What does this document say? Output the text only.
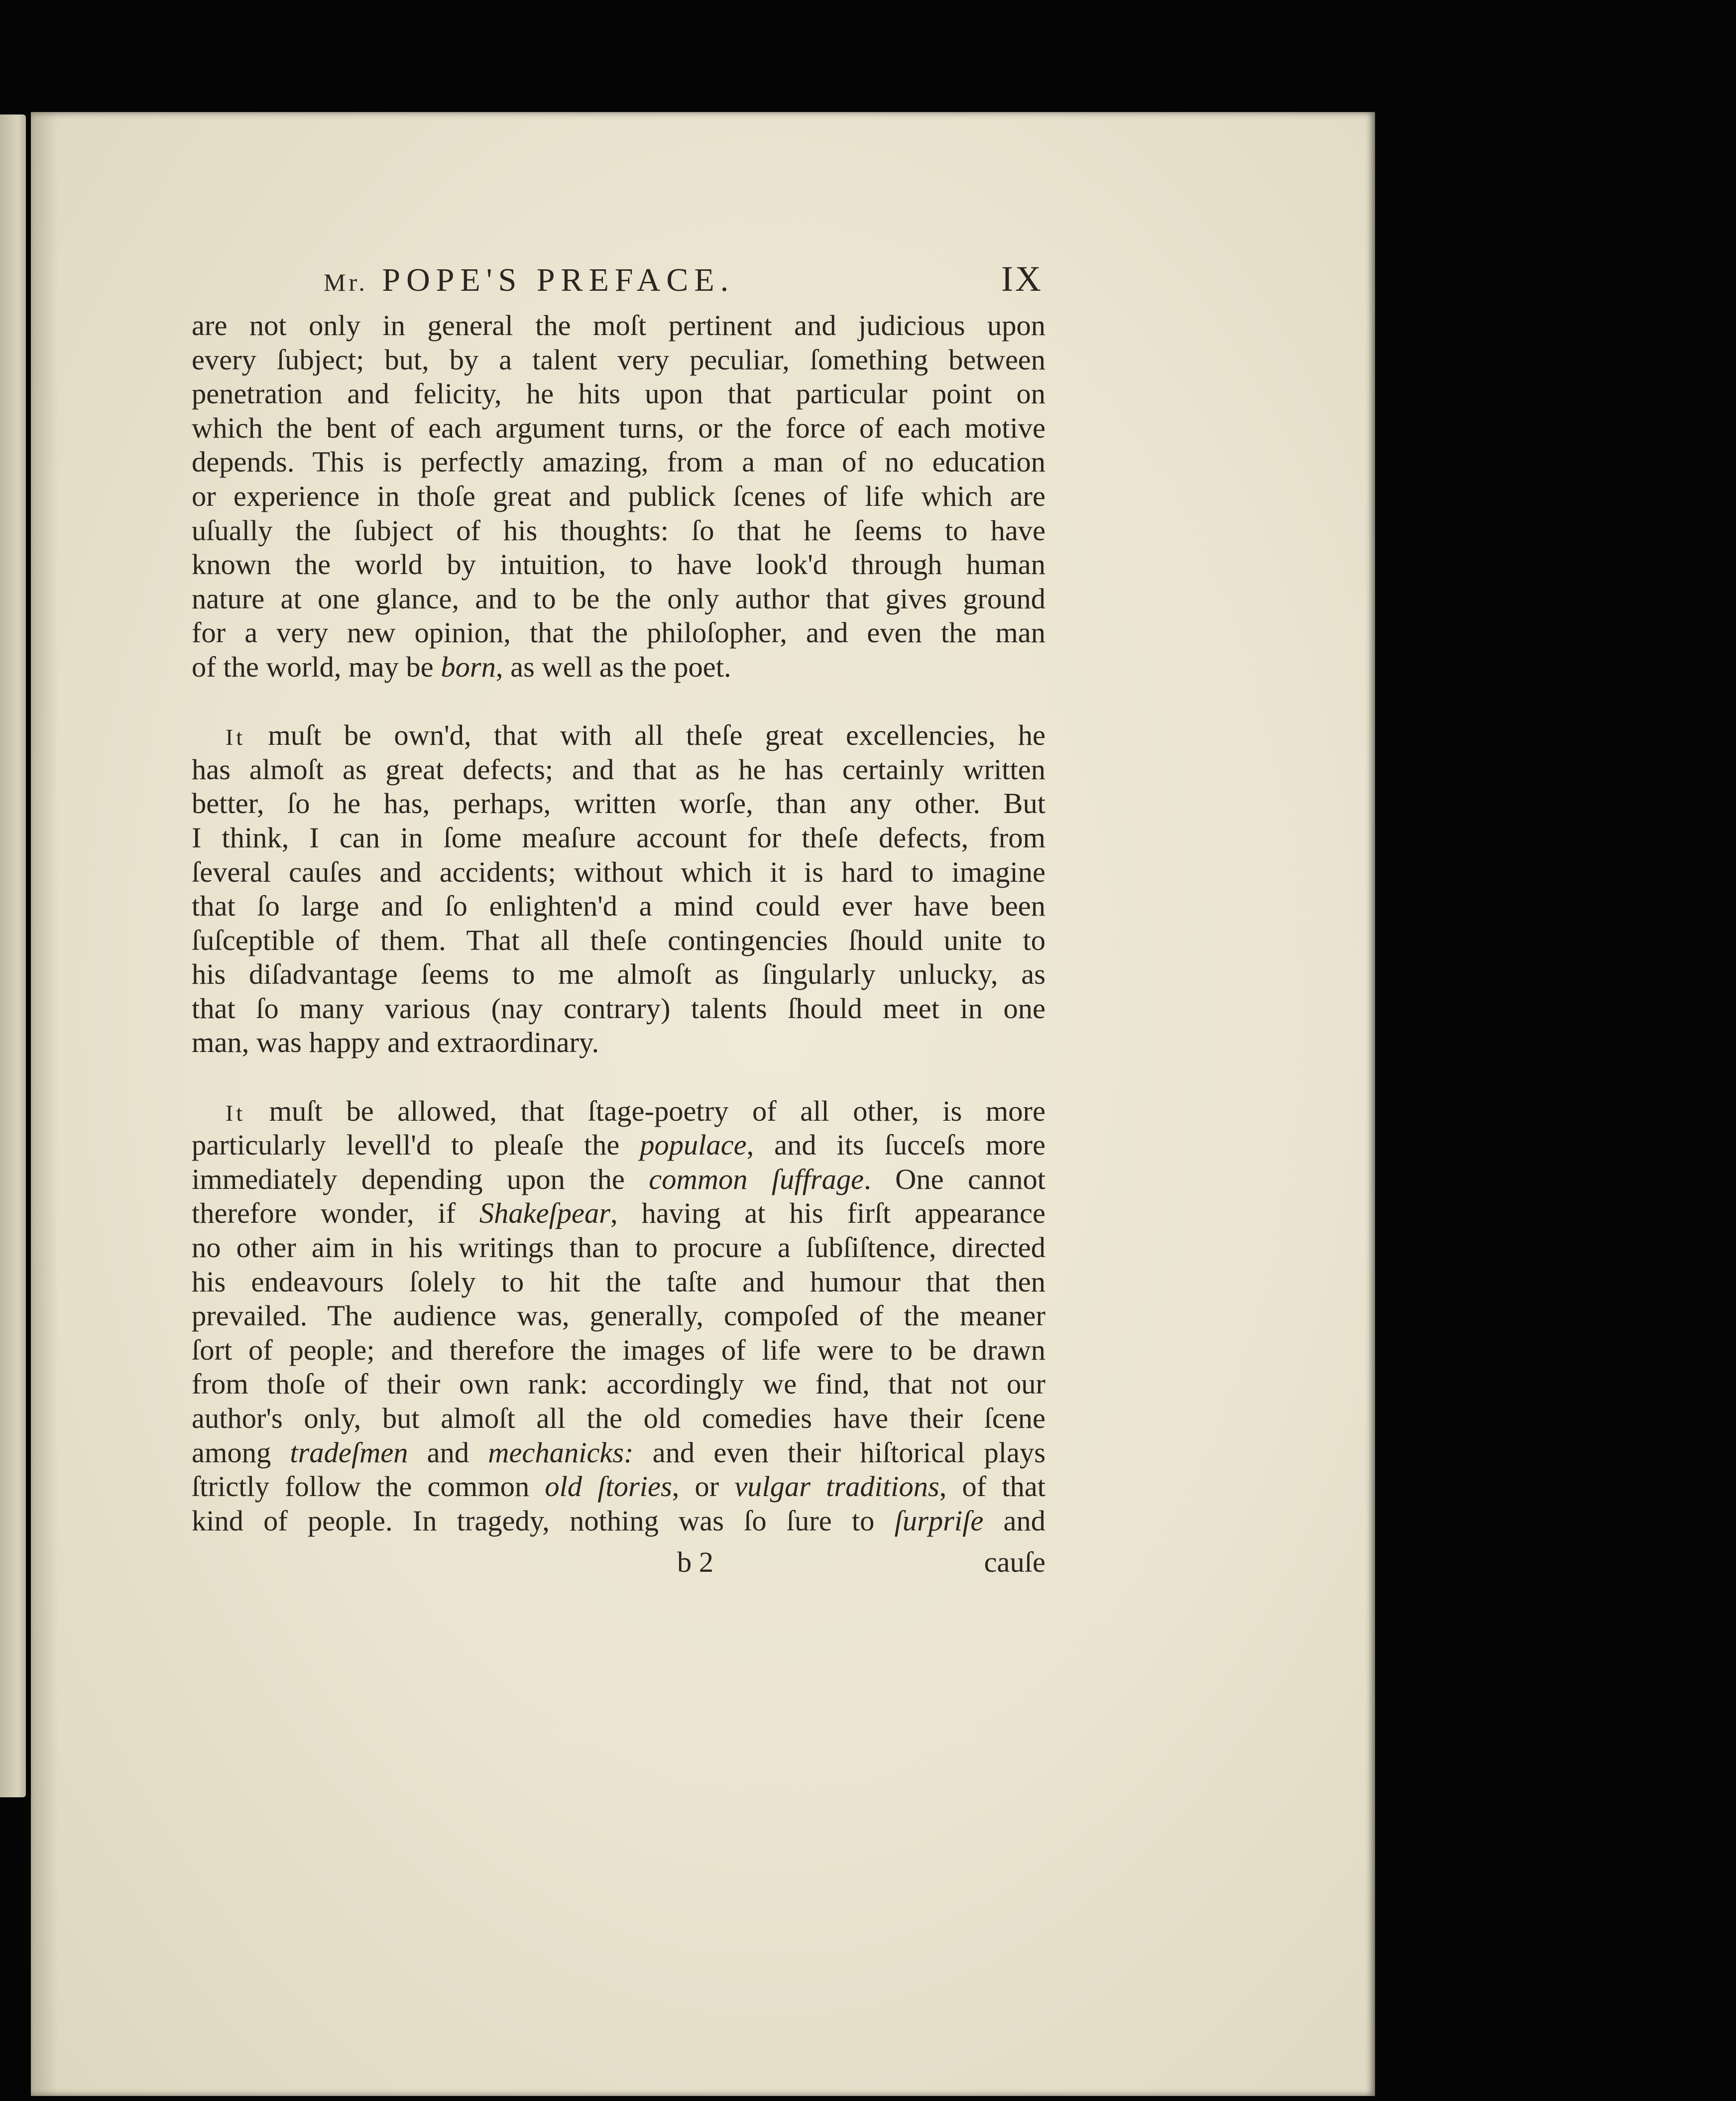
Mr. POPE'S PREFACE.	IX
are not only in general the moſt pertinent and judicious upon
every ſubject; but, by a talent very peculiar, ſomething between
penetration and felicity, he hits upon that particular point on
which the bent of each argument turns, or the force of each motive
depends. This is perfectly amazing, from a man of no education
or experience in thoſe great and publick ſcenes of life which are
uſually the ſubject of his thoughts: ſo that he ſeems to have
known the world by intuition, to have look'd through human
nature at one glance, and to be the only author that gives ground
for a very new opinion, that the philoſopher, and even the man
of the world, may be born, as well as the poet.
It muſt be own'd, that with all theſe great excellencies, he
has almoſt as great defects; and that as he has certainly written
better, ſo he has, perhaps, written worſe, than any other. But
I think, I can in ſome meaſure account for theſe defects, from
ſeveral cauſes and accidents; without which it is hard to imagine
that ſo large and ſo enlighten'd a mind could ever have been
ſuſceptible of them. That all theſe contingencies ſhould unite to
his diſadvantage ſeems to me almoſt as ſingularly unlucky, as
that ſo many various (nay contrary) talents ſhould meet in one
man, was happy and extraordinary.
It muſt be allowed, that ſtage-poetry of all other, is more
particularly levell'd to pleaſe the populace, and its ſucceſs more
immediately depending upon the common ſuffrage. One cannot
therefore wonder, if Shakeſpear, having at his firſt appearance
no other aim in his writings than to procure a ſubſiſtence, directed
his endeavours ſolely to hit the taſte and humour that then
prevailed. The audience was, generally, compoſed of the meaner
ſort of people; and therefore the images of life were to be drawn
from thoſe of their own rank: accordingly we find, that not our
author's only, but almoſt all the old comedies have their ſcene
among tradeſmen and mechanicks: and even their hiſtorical plays
ſtrictly follow the common old ſtories, or vulgar traditions, of that
kind of people. In tragedy, nothing was ſo ſure to ſurpriſe and
b 2	cauſe
